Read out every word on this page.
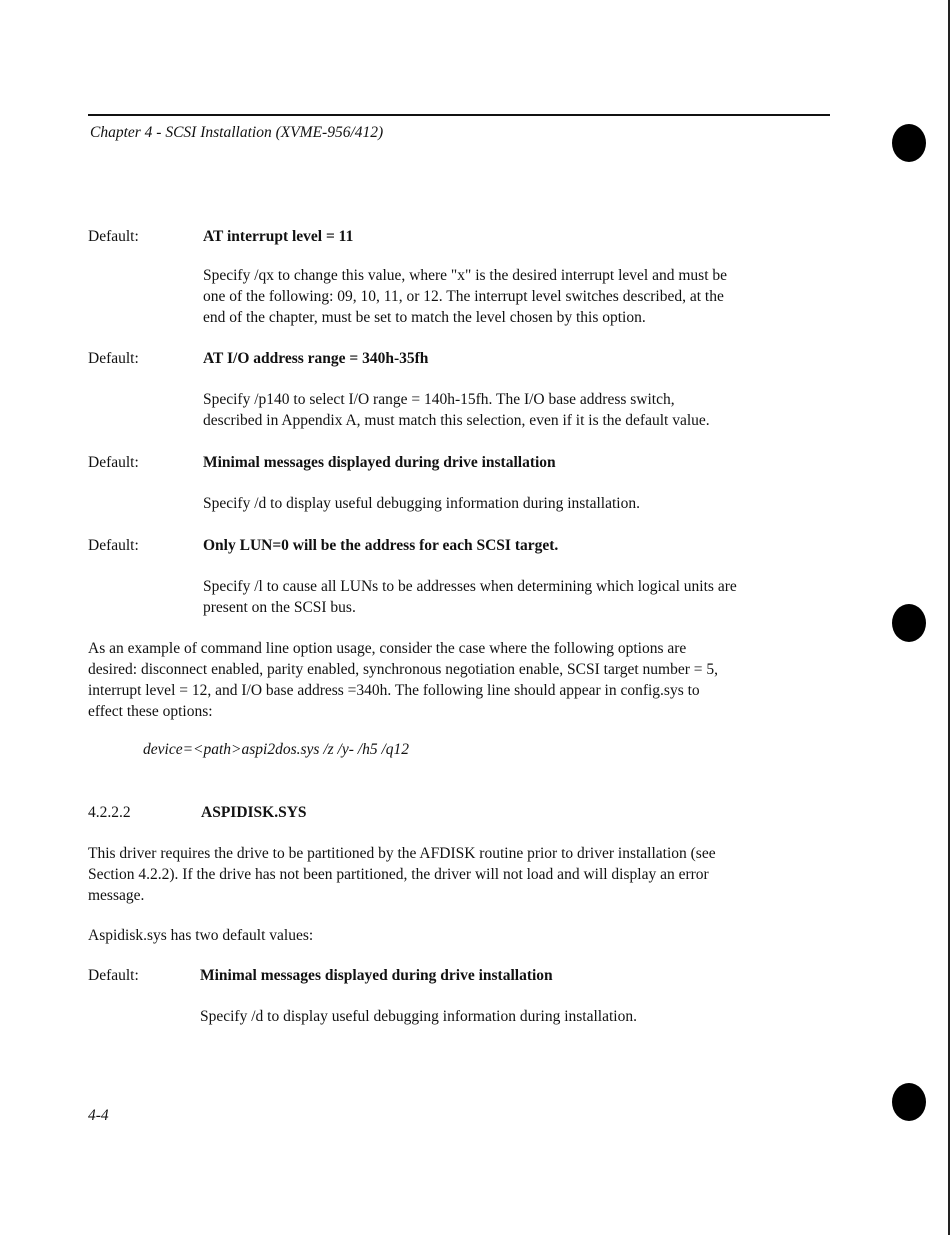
Chapter 4 - SCSI Installation (XVME-956/412)
Default:	AT interrupt level = 11
Specify /qx to change this value, where "x" is the desired interrupt level and must be
one of the following: 09, 10, 11, or 12. The interrupt level switches described, at the
end of the chapter, must be set to match the level chosen by this option.
Default:	AT I/O address range = 340h-35fh
Specify /p140 to select I/O range = 140h-15fh. The I/O base address switch,
described in Appendix A, must match this selection, even if it is the default value.
Default:	Minimal messages displayed during drive installation
Specify /d to display useful debugging information during installation.
Default:	Only LUN=0 will be the address for each SCSI target.
Specify /l to cause all LUNs to be addresses when determining which logical units are
present on the SCSI bus.
As an example of command line option usage, consider the case where the following options are
desired: disconnect enabled, parity enabled, synchronous negotiation enable, SCSI target number = 5,
interrupt level = 12, and I/O base address =340h. The following line should appear in config.sys to
effect these options:
device=<path>aspi2dos.sys /z /y- /h5 /q12
4.2.2.2	ASPIDISK.SYS
This driver requires the drive to be partitioned by the AFDISK routine prior to driver installation (see
Section 4.2.2). If the drive has not been partitioned, the driver will not load and will display an error
message.
Aspidisk.sys has two default values:
Default:	Minimal messages displayed during drive installation
Specify /d to display useful debugging information during installation.
4-4
